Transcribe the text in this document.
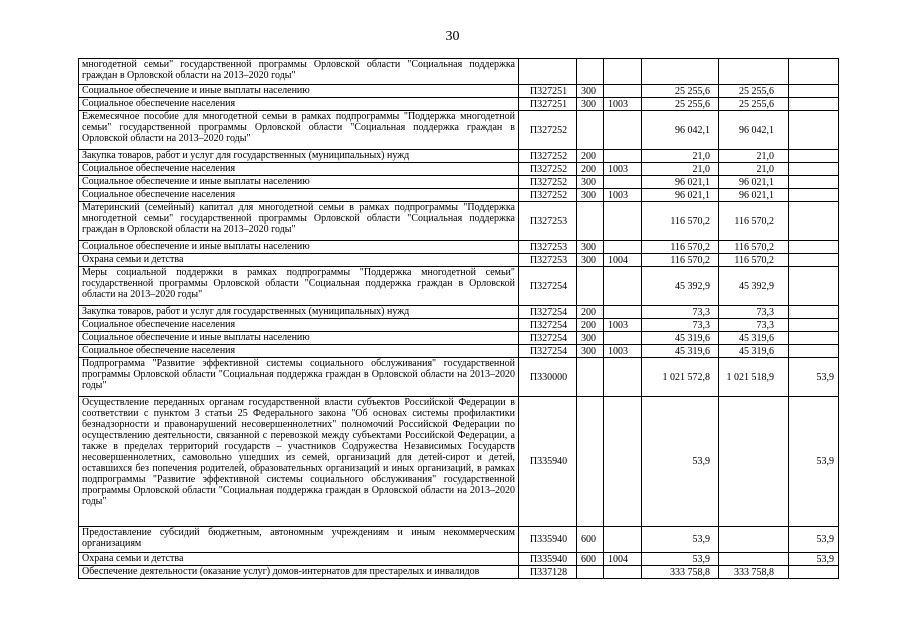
30
многодетной семьи" государственной программы Орловской области "Социальная поддержка граждан в Орловской области на 2013–2020 годы"						
Социальное обеспечение и иные выплаты населению	П327251	300		25 255,6	25 255,6	
Социальное обеспечение населения	П327251	300	1003	25 255,6	25 255,6	
Ежемесячное пособие для многодетной семьи в рамках подпрограммы "Поддержка многодетной семьи" государственной программы Орловской области "Социальная поддержка граждан в Орловской области на 2013–2020 годы"	П327252			96 042,1	96 042,1	
Закупка товаров, работ и услуг для государственных (муниципальных) нужд	П327252	200		21,0	21,0	
Социальное обеспечение населения	П327252	200	1003	21,0	21,0	
Социальное обеспечение и иные выплаты населению	П327252	300		96 021,1	96 021,1	
Социальное обеспечение населения	П327252	300	1003	96 021,1	96 021,1	
Материнский (семейный) капитал для многодетной семьи в рамках подпрограммы "Поддержка многодетной семьи" государственной программы Орловской области "Социальная поддержка граждан в Орловской области на 2013–2020 годы"	П327253			116 570,2	116 570,2	
Социальное обеспечение и иные выплаты населению	П327253	300		116 570,2	116 570,2	
Охрана семьи и детства	П327253	300	1004	116 570,2	116 570,2	
Меры социальной поддержки в рамках подпрограммы "Поддержка многодетной семьи" государственной программы Орловской области "Социальная поддержка граждан в Орловской области на 2013–2020 годы"	П327254			45 392,9	45 392,9	
Закупка товаров, работ и услуг для государственных (муниципальных) нужд	П327254	200		73,3	73,3	
Социальное обеспечение населения	П327254	200	1003	73,3	73,3	
Социальное обеспечение и иные выплаты населению	П327254	300		45 319,6	45 319,6	
Социальное обеспечение населения	П327254	300	1003	45 319,6	45 319,6	
Подпрограмма "Развитие эффективной системы социального обслуживания" государственной программы Орловской области "Социальная поддержка граждан в Орловской области на 2013–2020 годы"	П330000			1 021 572,8	1 021 518,9	53,9
Осуществление переданных органам государственной власти субъектов Российской Федерации в соответствии с пунктом 3 статьи 25 Федерального закона "Об основах системы профилактики безнадзорности и правонарушений несовершеннолетних" полномочий Российской Федерации по осуществлению деятельности, связанной с перевозкой между субъектами Российской Федерации, а также в пределах территорий государств – участников Содружества Независимых Государств несовершеннолетних, самовольно ушедших из семей, организаций для детей-сирот и детей, оставшихся без попечения родителей, образовательных организаций и иных организаций, в рамках подпрограммы "Развитие эффективной системы социального обслуживания" государственной программы Орловской области "Социальная поддержка граждан в Орловской области на 2013–2020 годы"	П335940			53,9		53,9
Предоставление субсидий бюджетным, автономным учреждениям и иным некоммерческим организациям	П335940	600		53,9		53,9
Охрана семьи и детства	П335940	600	1004	53,9		53,9
Обеспечение деятельности (оказание услуг) домов-интернатов для престарелых и инвалидов	П337128			333 758,8	333 758,8	
